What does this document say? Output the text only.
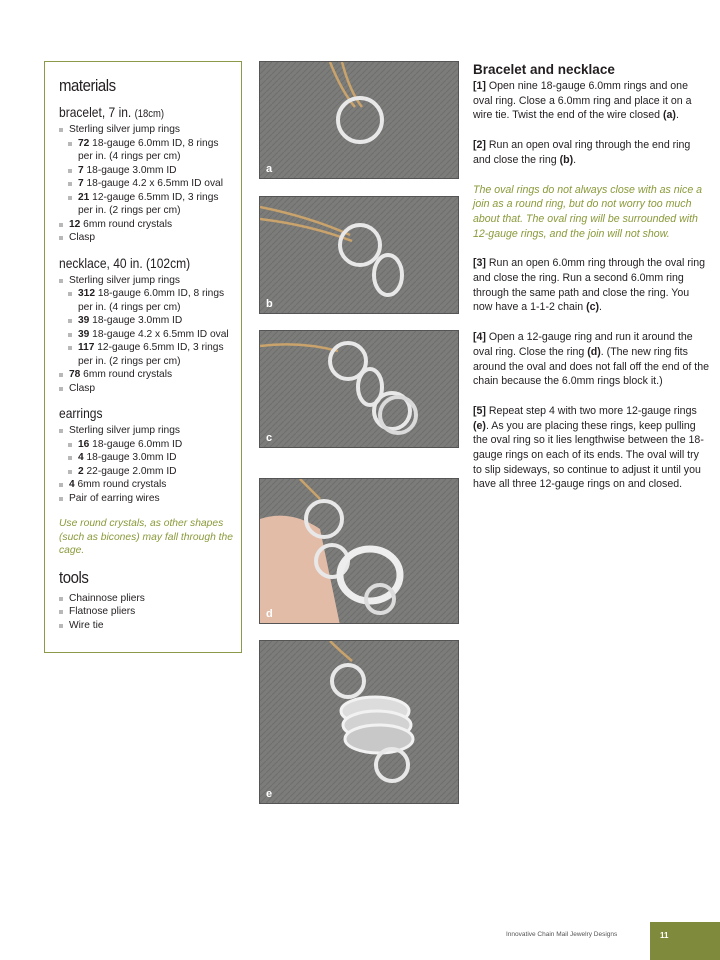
materials
bracelet, 7 in. (18cm)
Sterling silver jump rings
72 18-gauge 6.0mm ID, 8 rings per in. (4 rings per cm)
7 18-gauge 3.0mm ID
7 18-gauge 4.2 x 6.5mm ID oval
21 12-gauge 6.5mm ID, 3 rings per in. (2 rings per cm)
12 6mm round crystals
Clasp
necklace, 40 in. (102cm)
Sterling silver jump rings
312 18-gauge 6.0mm ID, 8 rings per in. (4 rings per cm)
39 18-gauge 3.0mm ID
39 18-gauge 4.2 x 6.5mm ID oval
117 12-gauge 6.5mm ID, 3 rings per in. (2 rings per cm)
78 6mm round crystals
Clasp
earrings
Sterling silver jump rings
16 18-gauge 6.0mm ID
4 18-gauge 3.0mm ID
2 22-gauge 2.0mm ID
4 6mm round crystals
Pair of earring wires
Use round crystals, as other shapes (such as bicones) may fall through the cage.
tools
Chainnose pliers
Flatnose pliers
Wire tie
a
b
c
d
e
Bracelet and necklace

[1] Open nine 18-gauge 6.0mm rings and one oval ring. Close a 6.0mm ring and place it on a wire tie. Twist the end of the wire closed (a).

[2] Run an open oval ring through the end ring and close the ring (b).

The oval rings do not always close with as nice a join as a round ring, but do not worry too much about that. The oval ring will be surrounded with 12-gauge rings, and the join will not show.

[3] Run an open 6.0mm ring through the oval ring and close the ring. Run a second 6.0mm ring through the same path and close the ring. You now have a 1-1-2 chain (c).

[4] Open a 12-gauge ring and run it around the oval ring. Close the ring (d). (The new ring fits around the oval and does not fall off the end of the chain because the 6.0mm rings block it.)

[5] Repeat step 4 with two more 12-gauge rings (e). As you are placing these rings, keep pulling the oval ring so it lies lengthwise between the 18-gauge rings on each of its ends. The oval will try to slip sideways, so continue to adjust it until you have all three 12-gauge rings on and closed.

Innovative Chain Mail Jewelry Designs	11
